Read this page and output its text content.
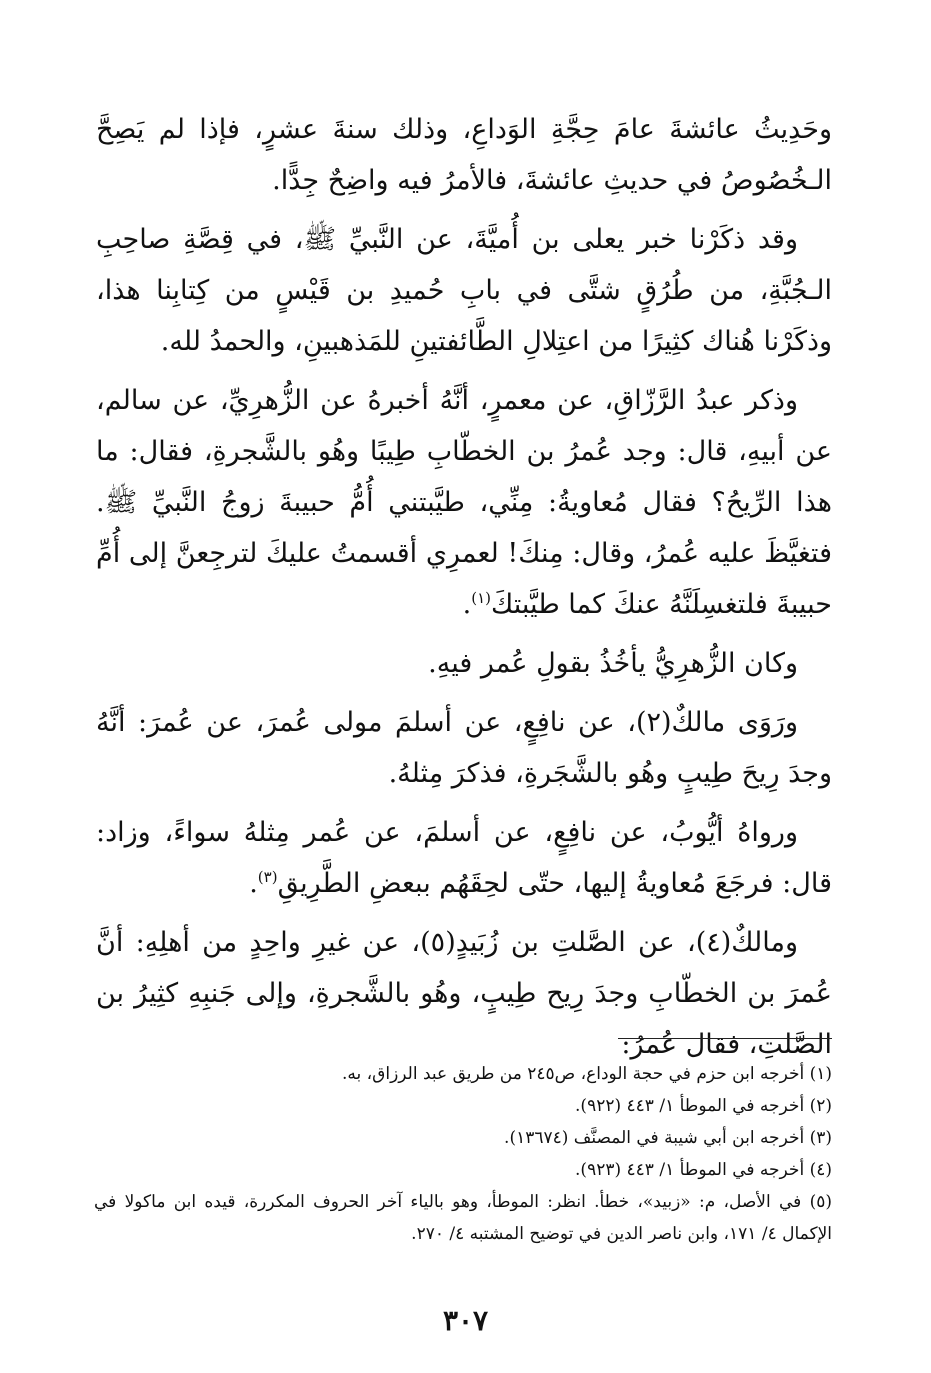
وحَدِيثُ عائشةَ عامَ حِجَّةِ الوَداعِ، وذلك سنةَ عشرٍ، فإذا لم يَصِحَّ الـخُصُوصُ في حديثِ عائشةَ، فالأمرُ فيه واضِحٌ جِدًّا.
وقد ذكَرْنا خبر يعلى بن أُميَّةَ، عن النَّبيِّ ﷺ، في قِصَّةِ صاحِبِ الـجُبَّةِ، من طُرُقٍ شتَّى في بابِ حُميدِ بن قَيْسٍ من كِتابِنا هذا، وذكَرْنا هُناك كثِيرًا من اعتِلالِ الطَّائفتينِ للمَذهبينِ، والحمدُ لله.
وذكر عبدُ الرَّزّاقِ، عن معمرٍ، أنَّهُ أخبرهُ عن الزُّهرِيِّ، عن سالم، عن أبيهِ، قال: وجد عُمرُ بن الخطّابِ طِيبًا وهُو بالشَّجرةِ، فقال: ما هذا الرِّيحُ؟ فقال مُعاويةُ: مِنِّي، طيَّبتني أُمُّ حبيبةَ زوجُ النَّبيِّ ﷺ. فتغيَّظَ عليه عُمرُ، وقال: مِنكَ! لعمرِي أقسمتُ عليكَ لترجِعنَّ إلى أُمِّ حبيبةَ فلتغسِلَنَّهُ عنكَ كما طيَّبتكَ$^{(١)}$.
وكان الزُّهرِيُّ يأخُذُ بقولِ عُمر فيهِ.
ورَوَى مالكٌ(٢)، عن نافِعٍ، عن أسلمَ مولى عُمرَ، عن عُمرَ: أنَّهُ وجدَ رِيحَ طِيبٍ وهُو بالشَّجَرةِ، فذكرَ مِثلهُ.
ورواهُ أيُّوبُ، عن نافِعٍ، عن أسلمَ، عن عُمر مِثلهُ سواءً، وزاد: قال: فرجَعَ مُعاويةُ إليها، حتّى لحِقَهُم ببعضِ الطَّرِيقِ$^{(٣)}$.
ومالكٌ(٤)، عن الصَّلتِ بن زُبَيدٍ(٥)، عن غيرِ واحِدٍ من أهلِهِ: أنَّ عُمرَ بن الخطّابِ وجدَ رِيح طِيبٍ، وهُو بالشَّجرةِ، وإلى جَنبِهِ كثِيرُ بن الصَّلتِ، فقال عُمرُ:
(١) أخرجه ابن حزم في حجة الوداع، ص٢٤٥ من طريق عبد الرزاق، به.
(٢) أخرجه في الموطأ ١/ ٤٤٣ (٩٢٢).
(٣) أخرجه ابن أبي شيبة في المصنَّف (١٣٦٧٤).
(٤) أخرجه في الموطأ ١/ ٤٤٣ (٩٢٣).
(٥) في الأصل، م: «زبيد»، خطأ. انظر: الموطأ، وهو بالياء آخر الحروف المكررة، قيده ابن ماكولا في الإكمال ٤/ ١٧١، وابن ناصر الدين في توضيح المشتبه ٤/ ٢٧٠.
٣٠٧
